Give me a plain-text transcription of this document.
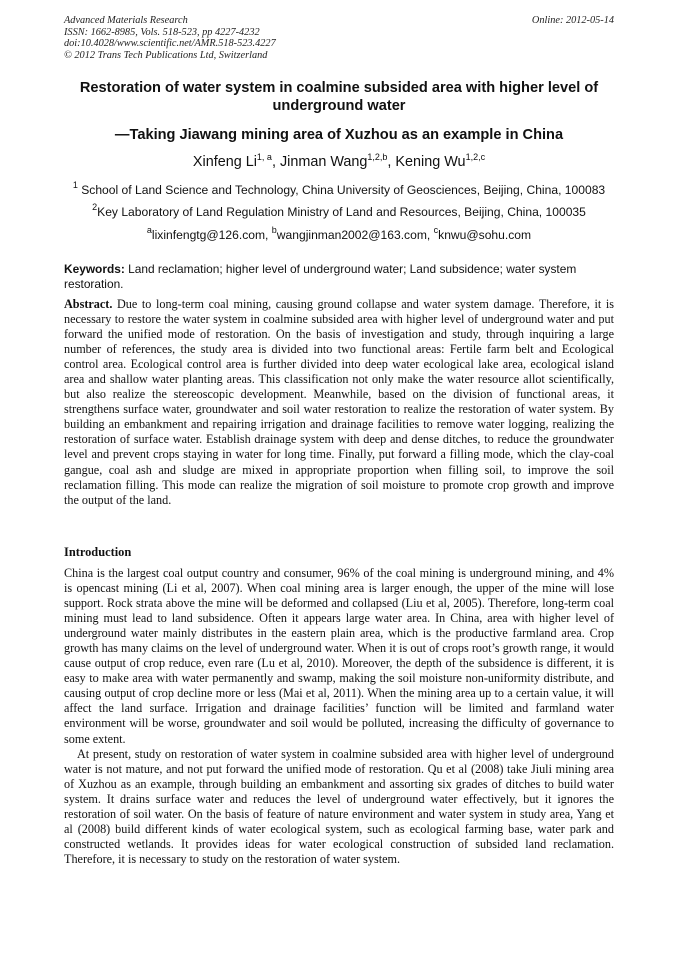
Advanced Materials Research
ISSN: 1662-8985, Vols. 518-523, pp 4227-4232
doi:10.4028/www.scientific.net/AMR.518-523.4227
© 2012 Trans Tech Publications Ltd, Switzerland
Online: 2012-05-14
Restoration of water system in coalmine subsided area with higher level of underground water
—Taking Jiawang mining area of Xuzhou as an example in China
Xinfeng Li$^{1, a}$, Jinman Wang$^{1,2,b}$, Kening Wu$^{1,2,c}$
$^1$ School of Land Science and Technology, China University of Geosciences, Beijing, China, 100083
$^2$Key Laboratory of Land Regulation Ministry of Land and Resources, Beijing, China, 100035
$^a$lixinfengtg@126.com, $^b$wangjinman2002@163.com, $^c$knwu@sohu.com
Keywords: Land reclamation; higher level of underground water; Land subsidence; water system restoration.
Abstract. Due to long-term coal mining, causing ground collapse and water system damage. Therefore, it is necessary to restore the water system in coalmine subsided area with higher level of underground water and put forward the unified mode of restoration. On the basis of investigation and study, through inquiring a large number of references, the study area is divided into two functional areas: Fertile farm belt and Ecological control area. Ecological control area is further divided into deep water ecological lake area, ecological island area and shallow water planting areas. This classification not only make the water resource allot scientifically, but also realize the stereoscopic development. Meanwhile, based on the division of functional areas, it strengthens surface water, groundwater and soil water restoration to realize the restoration of water system. By building an embankment and repairing irrigation and drainage facilities to remove water logging, realizing the restoration of surface water. Establish drainage system with deep and dense ditches, to reduce the groundwater level and prevent crops staying in water for long time. Finally, put forward a filling mode, which the clay-coal gangue, coal ash and sludge are mixed in appropriate proportion when filling soil, to improve the soil reclamation filling. This mode can realize the migration of soil moisture to promote crop growth and improve the output of the land.
Introduction

China is the largest coal output country and consumer, 96% of the coal mining is underground mining, and 4% is opencast mining (Li et al, 2007). When coal mining area is larger enough, the upper of the mine will lose support. Rock strata above the mine will be deformed and collapsed (Liu et al, 2005). Therefore, long-term coal mining must lead to land subsidence. Often it appears large water area. In China, area with higher level of underground water mainly distributes in the eastern plain area, which is the productive farmland area. Crop growth has many claims on the level of underground water. When it is out of crops root’s growth range, it would cause output of crop reduce, even rare (Lu et al, 2010). Moreover, the depth of the subsidence is different, it is easy to make area with water permanently and swamp, making the soil moisture non-uniformity distribute, and causing output of crop decline more or less (Mai et al, 2011). When the mining area up to a certain value, it will affect the land surface. Irrigation and drainage facilities’ function will be limited and farmland water environment will be worse, groundwater and soil would be polluted, increasing the difficulty of governance to some extent.

At present, study on restoration of water system in coalmine subsided area with higher level of underground water is not mature, and not put forward the unified mode of restoration. Qu et al (2008) take Jiuli mining area of Xuzhou as an example, through building an embankment and assorting six grades of ditches to build water system. It drains surface water and reduces the level of underground water effectively, but it ignores the restoration of soil water. On the basis of feature of nature environment and water system in study area, Yang et al (2008) build different kinds of water ecological system, such as ecological farming base, water park and constructed wetlands. It provides ideas for water ecological construction of subsided land reclamation. Therefore, it is necessary to study on the restoration of water system.
